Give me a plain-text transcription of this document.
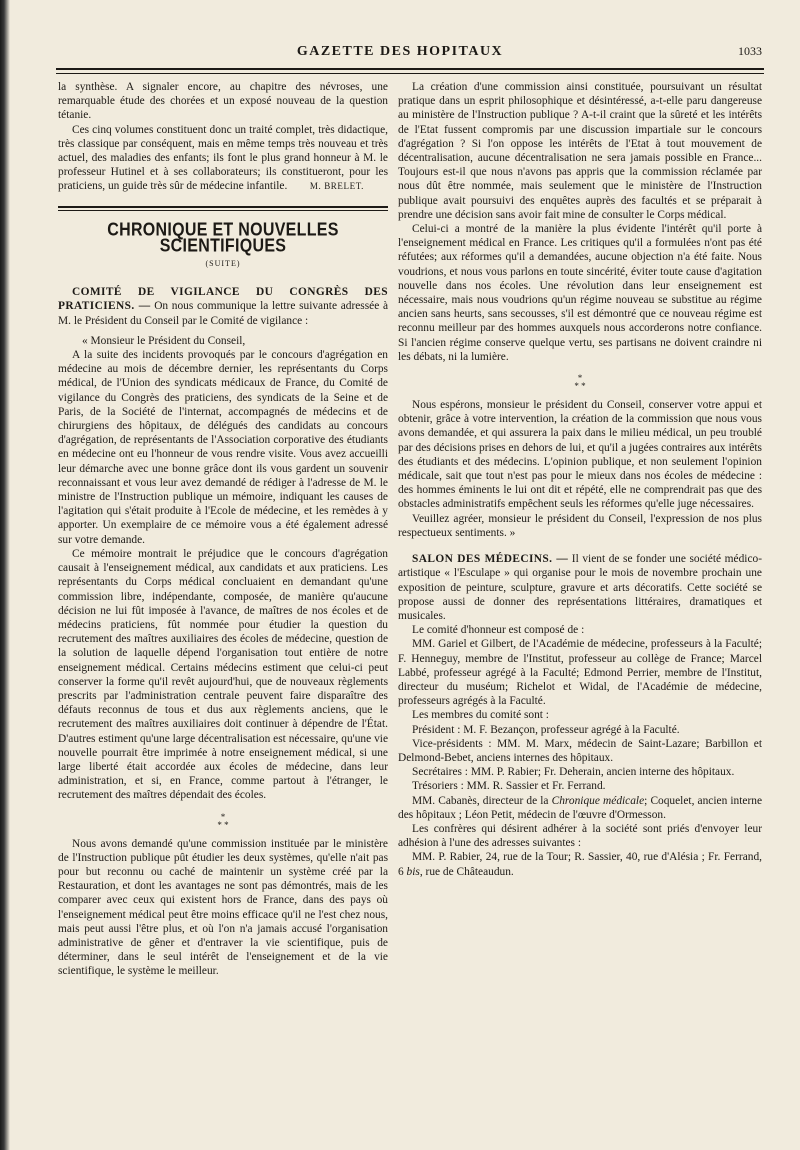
GAZETTE DES HOPITAUX	1033

la synthèse. A signaler encore, au chapitre des névroses, une remarquable étude des chorées et un exposé nouveau de la question tétanie.

Ces cinq volumes constituent donc un traité complet, très didactique, très classique par conséquent, mais en même temps très nouveau et très actuel, des maladies des enfants; ils font le plus grand honneur à M. le professeur Hutinel et à ses collaborateurs; ils constitueront, pour les praticiens, un guide très sûr de médecine infantile.	M. BRELET.

CHRONIQUE ET NOUVELLES SCIENTIFIQUES
(SUITE)

COMITÉ DE VIGILANCE DU CONGRÈS DES PRATICIENS. — On nous communique la lettre suivante adressée à M. le Président du Conseil par le Comité de vigilance :

« Monsieur le Président du Conseil,

A la suite des incidents provoqués par le concours d'agrégation en médecine au mois de décembre dernier, les représentants du Corps médical, de l'Union des syndicats médicaux de France, du Comité de vigilance du Congrès des praticiens, des syndicats de la Seine et de Paris, de la Société de l'internat, accompagnés de médecins et de chirurgiens des hôpitaux, de délégués des candidats au concours d'agrégation, de représentants de l'Association corporative des étudiants en médecine ont eu l'honneur de vous rendre visite. Vous avez accueilli leur démarche avec une bonne grâce dont ils vous gardent un souvenir reconnaissant et vous leur avez demandé de rédiger à l'adresse de M. le ministre de l'Instruction publique un mémoire, indiquant les causes de l'agitation qui s'était produite à l'Ecole de médecine, et les remèdes à y apporter. Un exemplaire de ce mémoire vous a été également adressé sur votre demande.

Ce mémoire montrait le préjudice que le concours d'agrégation causait à l'enseignement médical, aux candidats et aux praticiens. Les représentants du Corps médical concluaient en demandant qu'une commission libre, indépendante, composée, de manière qu'aucune décision ne lui fût imposée à l'avance, de maîtres de nos écoles et de médecins praticiens, fût nommée pour étudier la question du recrutement des maîtres auxiliaires des écoles de médecine, question de la solution de laquelle dépend l'organisation tout entière de notre enseignement médical. Certains médecins estiment que celui-ci peut conserver la forme qu'il revêt aujourd'hui, que de nouveaux règlements prescrits par l'administration centrale peuvent faire disparaître des défauts reconnus de tous et dus aux règlements anciens, que le recrutement des maîtres auxiliaires doit continuer à dépendre de l'État. D'autres estiment qu'une large décentralisation est nécessaire, qu'une vie nouvelle pourrait être imprimée à notre enseignement médical, si une large liberté était accordée aux écoles de médecine, dans leur administration, et si, en France, comme partout à l'étranger, le recrutement des maîtres dépendait des écoles.

*
* *

Nous avons demandé qu'une commission instituée par le ministère de l'Instruction publique pût étudier les deux systèmes, qu'elle n'ait pas pour but reconnu ou caché de maintenir un système créé par la Restauration, et dont les avantages ne sont pas démontrés, mais de les comparer avec ceux qui existent hors de France, dans des pays où l'enseignement médical peut être moins efficace qu'il ne l'est chez nous, mais peut aussi l'être plus, et où l'on n'a jamais accusé l'organisation administrative de gêner et d'entraver la vie scientifique, puis de déterminer, dans le seul intérêt de l'enseignement et de la vie scientifique, le système le meilleur.

La création d'une commission ainsi constituée, poursuivant un résultat pratique dans un esprit philosophique et désintéressé, a-t-elle paru dangereuse au ministère de l'Instruction publique ? A-t-il craint que la sûreté et les intérêts de l'Etat fussent compromis par une discussion impartiale sur le concours d'agrégation ? Si l'on oppose les intérêts de l'Etat à tout mouvement de décentralisation, aucune décentralisation ne sera jamais possible en France... Toujours est-il que nous n'avons pas appris que la commission réclamée par nous dût être nommée, mais seulement que le ministère de l'Instruction publique avait poursuivi des enquêtes auprès des facultés et se préparait à prendre une décision sans avoir fait mine de consulter le Corps médical.

Celui-ci a montré de la manière la plus évidente l'intérêt qu'il porte à l'enseignement médical en France. Les critiques qu'il a formulées n'ont pas été réfutées; aux réformes qu'il a demandées, aucune objection n'a été faite. Nous voudrions, et nous vous parlons en toute sincérité, éviter toute cause d'agitation nouvelle dans nos écoles. Une révolution dans leur enseignement est nécessaire, mais nous voudrions qu'un régime nouveau se substitue au régime ancien sans heurts, sans secousses, s'il est démontré que ce nouveau régime est reconnu meilleur par des hommes auxquels nous accorderons notre confiance. Si l'ancien régime conserve quelque vertu, ses partisans ne doivent craindre ni les débats, ni la lumière.

*
* *

Nous espérons, monsieur le président du Conseil, conserver votre appui et obtenir, grâce à votre intervention, la création de la commission que nous vous avons demandée, et qui assurera la paix dans le milieu médical, un peu troublé par des décisions prises en dehors de lui, et qu'il a jugées contraires aux intérêts des étudiants et des médecins. L'opinion publique, et non seulement l'opinion médicale, sait que tout n'est pas pour le mieux dans nos écoles de médecine : des hommes éminents le lui ont dit et répété, elle ne comprendrait pas que des obstacles administratifs empêchent seuls les réformes qu'elle juge nécessaires.

Veuillez agréer, monsieur le président du Conseil, l'expression de nos plus respectueux sentiments. »

SALON DES MÉDECINS. — Il vient de se fonder une société médico-artistique « l'Esculape » qui organise pour le mois de novembre prochain une exposition de peinture, sculpture, gravure et arts décoratifs. Cette société se propose aussi de donner des représentations littéraires, dramatiques et musicales.

Le comité d'honneur est composé de :

MM. Gariel et Gilbert, de l'Académie de médecine, professeurs à la Faculté; F. Henneguy, membre de l'Institut, professeur au collège de France; Marcel Labbé, professeur agrégé à la Faculté; Edmond Perrier, membre de l'Institut, directeur du muséum; Richelot et Widal, de l'Académie de médecine, professeurs agrégés à la Faculté.

Les membres du comité sont :

Président : M. F. Bezançon, professeur agrégé à la Faculté.

Vice-présidents : MM. M. Marx, médecin de Saint-Lazare; Barbillon et Delmond-Bebet, anciens internes des hôpitaux.

Secrétaires : MM. P. Rabier; Fr. Deherain, ancien interne des hôpitaux.

Trésoriers : MM. R. Sassier et Fr. Ferrand.

MM. Cabanès, directeur de la Chronique médicale; Coquelet, ancien interne des hôpitaux ; Léon Petit, médecin de l'œuvre d'Ormesson.

Les confrères qui désirent adhérer à la société sont priés d'envoyer leur adhésion à l'une des adresses suivantes :

MM. P. Rabier, 24, rue de la Tour; R. Sassier, 40, rue d'Alésia ; Fr. Ferrand, 6 bis, rue de Châteaudun.
